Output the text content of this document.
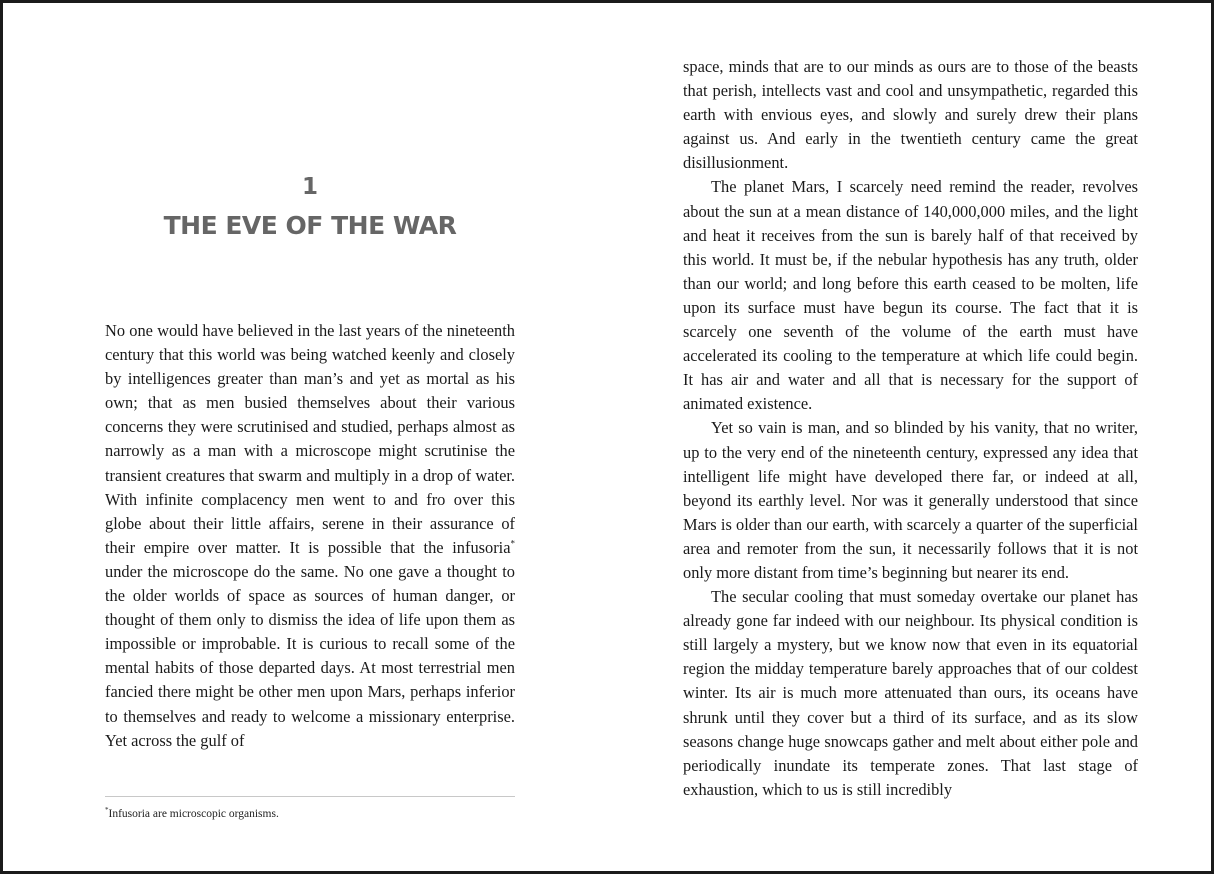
1
THE EVE OF THE WAR

No one would have believed in the last years of the nineteenth century that this world was being watched keenly and closely by intelligences greater than man’s and yet as mortal as his own; that as men busied themselves about their various concerns they were scrutinised and studied, perhaps almost as narrowly as a man with a microscope might scrutinise the transient creatures that swarm and multiply in a drop of water. With infinite complacency men went to and fro over this globe about their little affairs, serene in their assurance of their empire over matter. It is possible that the infusoria* under the microscope do the same. No one gave a thought to the older worlds of space as sources of human danger, or thought of them only to dismiss the idea of life upon them as impossible or improbable. It is curious to recall some of the mental habits of those departed days. At most terrestrial men fancied there might be other men upon Mars, perhaps inferior to themselves and ready to welcome a missionary enterprise. Yet across the gulf of

*Infusoria are microscopic organisms.

space, minds that are to our minds as ours are to those of the beasts that perish, intellects vast and cool and unsympathetic, regarded this earth with envious eyes, and slowly and surely drew their plans against us. And early in the twentieth century came the great disillusionment.

The planet Mars, I scarcely need remind the reader, revolves about the sun at a mean distance of 140,000,000 miles, and the light and heat it receives from the sun is barely half of that received by this world. It must be, if the nebular hypothesis has any truth, older than our world; and long before this earth ceased to be molten, life upon its surface must have begun its course. The fact that it is scarcely one seventh of the volume of the earth must have accelerated its cooling to the temperature at which life could begin. It has air and water and all that is necessary for the support of animated existence.

Yet so vain is man, and so blinded by his vanity, that no writer, up to the very end of the nineteenth century, expressed any idea that intelligent life might have developed there far, or indeed at all, beyond its earthly level. Nor was it generally understood that since Mars is older than our earth, with scarcely a quarter of the superficial area and remoter from the sun, it necessarily follows that it is not only more distant from time’s beginning but nearer its end.

The secular cooling that must someday overtake our planet has already gone far indeed with our neighbour. Its physical condition is still largely a mystery, but we know now that even in its equatorial region the midday temperature barely approaches that of our coldest winter. Its air is much more attenuated than ours, its oceans have shrunk until they cover but a third of its surface, and as its slow seasons change huge snowcaps gather and melt about either pole and periodically inundate its temperate zones. That last stage of exhaustion, which to us is still incredibly
